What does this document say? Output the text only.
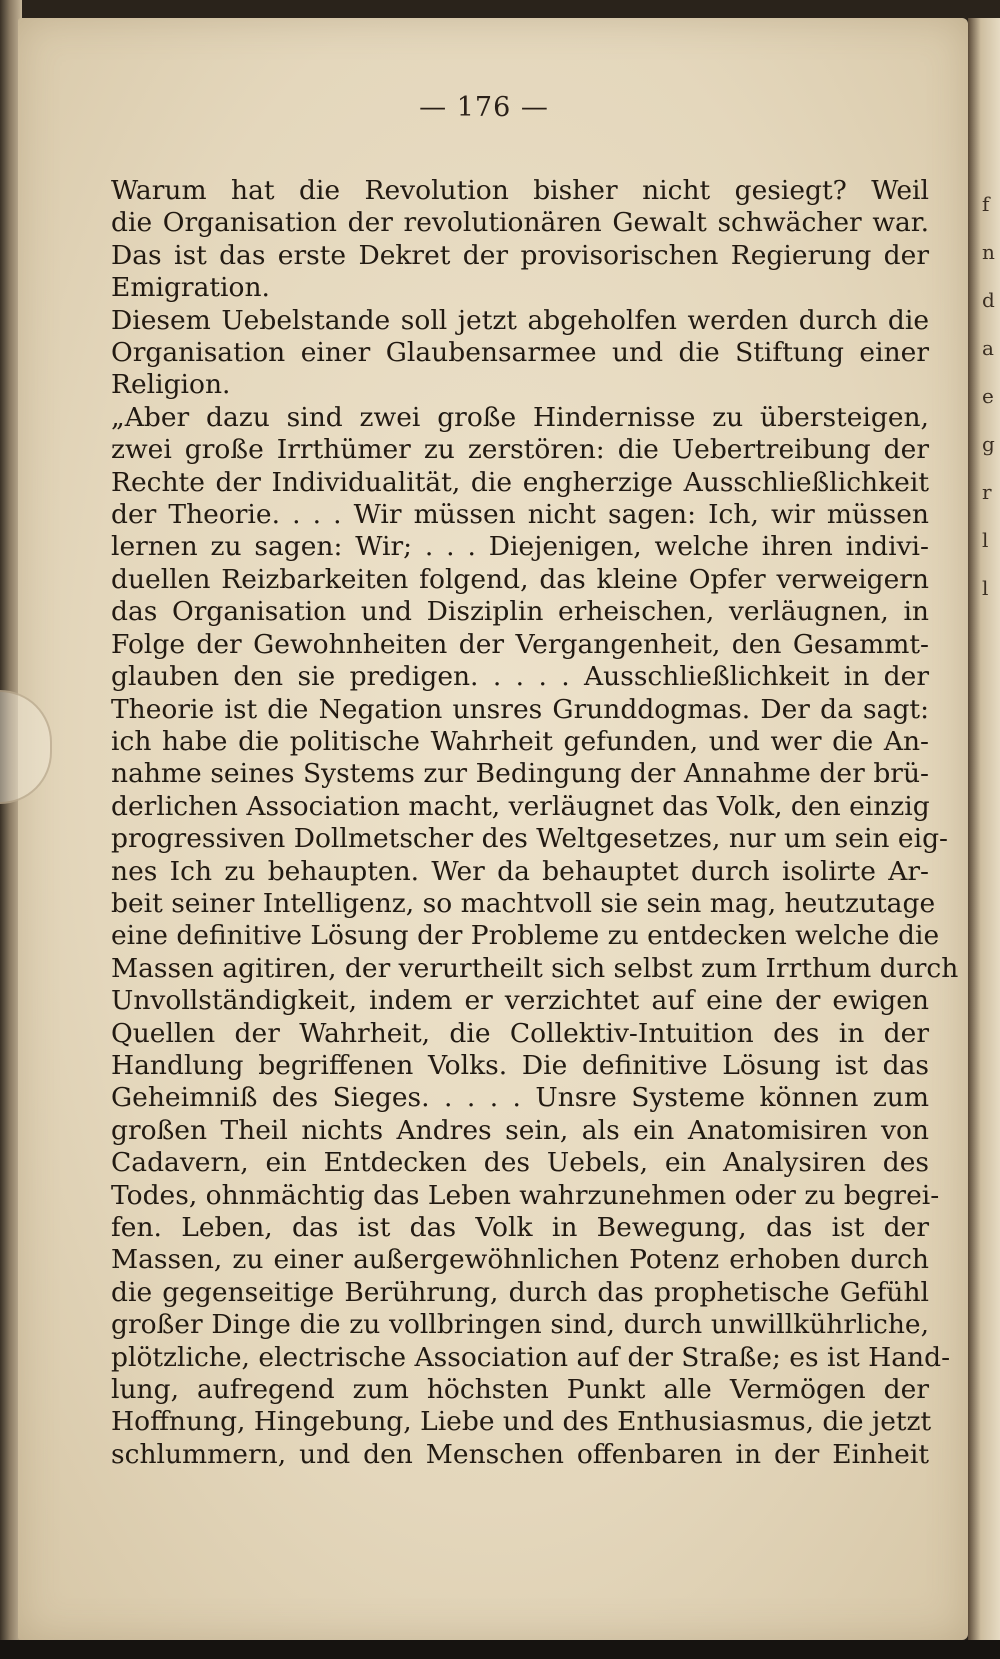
— 176 —
Warum hat die Revolution bisher nicht gesiegt? Weil
die Organisation der revolutionären Gewalt schwächer war.
Das ist das erste Dekret der provisorischen Regierung der
Emigration.
Diesem Uebelstande soll jetzt abgeholfen werden durch die
Organisation einer Glaubensarmee und die Stiftung einer
Religion.
„Aber dazu sind zwei große Hindernisse zu übersteigen,
zwei große Irrthümer zu zerstören: die Uebertreibung der
Rechte der Individualität, die engherzige Ausschließlichkeit
der Theorie. . . . Wir müssen nicht sagen: Ich, wir müssen
lernen zu sagen: Wir; . . . Diejenigen, welche ihren indivi-
duellen Reizbarkeiten folgend, das kleine Opfer verweigern
das Organisation und Disziplin erheischen, verläugnen, in
Folge der Gewohnheiten der Vergangenheit, den Gesammt-
glauben den sie predigen. . . . . Ausschließlichkeit in der
Theorie ist die Negation unsres Grunddogmas. Der da sagt:
ich habe die politische Wahrheit gefunden, und wer die An-
nahme seines Systems zur Bedingung der Annahme der brü-
derlichen Association macht, verläugnet das Volk, den einzig
progressiven Dollmetscher des Weltgesetzes, nur um sein eig-
nes Ich zu behaupten. Wer da behauptet durch isolirte Ar-
beit seiner Intelligenz, so machtvoll sie sein mag, heutzutage
eine definitive Lösung der Probleme zu entdecken welche die
Massen agitiren, der verurtheilt sich selbst zum Irrthum durch
Unvollständigkeit, indem er verzichtet auf eine der ewigen
Quellen der Wahrheit, die Collektiv-Intuition des in der
Handlung begriffenen Volks. Die definitive Lösung ist das
Geheimniß des Sieges. . . . . Unsre Systeme können zum
großen Theil nichts Andres sein, als ein Anatomisiren von
Cadavern, ein Entdecken des Uebels, ein Analysiren des
Todes, ohnmächtig das Leben wahrzunehmen oder zu begrei-
fen. Leben, das ist das Volk in Bewegung, das ist der
Massen, zu einer außergewöhnlichen Potenz erhoben durch
die gegenseitige Berührung, durch das prophetische Gefühl
großer Dinge die zu vollbringen sind, durch unwillkührliche,
plötzliche, electrische Association auf der Straße; es ist Hand-
lung, aufregend zum höchsten Punkt alle Vermögen der
Hoffnung, Hingebung, Liebe und des Enthusiasmus, die jetzt
schlummern, und den Menschen offenbaren in der Einheit
f
n
d
a
e
g
r
l
l
